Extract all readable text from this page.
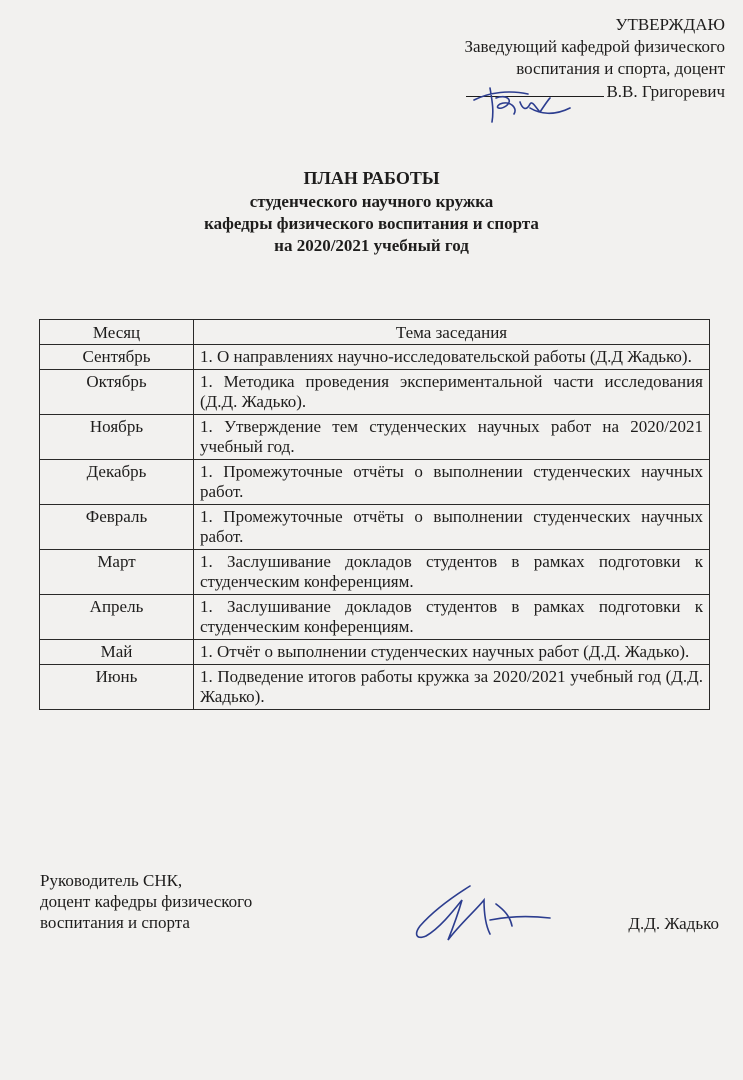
УТВЕРЖДАЮ
Заведующий кафедрой физического
воспитания и спорта, доцент
В.В. Григоревич
ПЛАН РАБОТЫ
студенческого научного кружка
кафедры физического воспитания и спорта
на 2020/2021 учебный год
Месяц	Тема заседания
Сентябрь	1. О направлениях научно-исследовательской работы (Д.Д Жадько).
Октябрь	1. Методика проведения экспериментальной части исследования (Д.Д. Жадько).
Ноябрь	1. Утверждение тем студенческих научных работ на 2020/2021 учебный год.
Декабрь	1. Промежуточные отчёты о выполнении студенческих научных работ.
Февраль	1. Промежуточные отчёты о выполнении студенческих научных работ.
Март	1. Заслушивание докладов студентов в рамках подготовки к студенческим конференциям.
Апрель	1. Заслушивание докладов студентов в рамках подготовки к студенческим конференциям.
Май	1. Отчёт о выполнении студенческих научных работ (Д.Д. Жадько).
Июнь	1. Подведение итогов работы кружка за 2020/2021 учебный год (Д.Д. Жадько).
Руководитель СНК,
доцент кафедры физического
воспитания и спорта	Д.Д. Жадько
